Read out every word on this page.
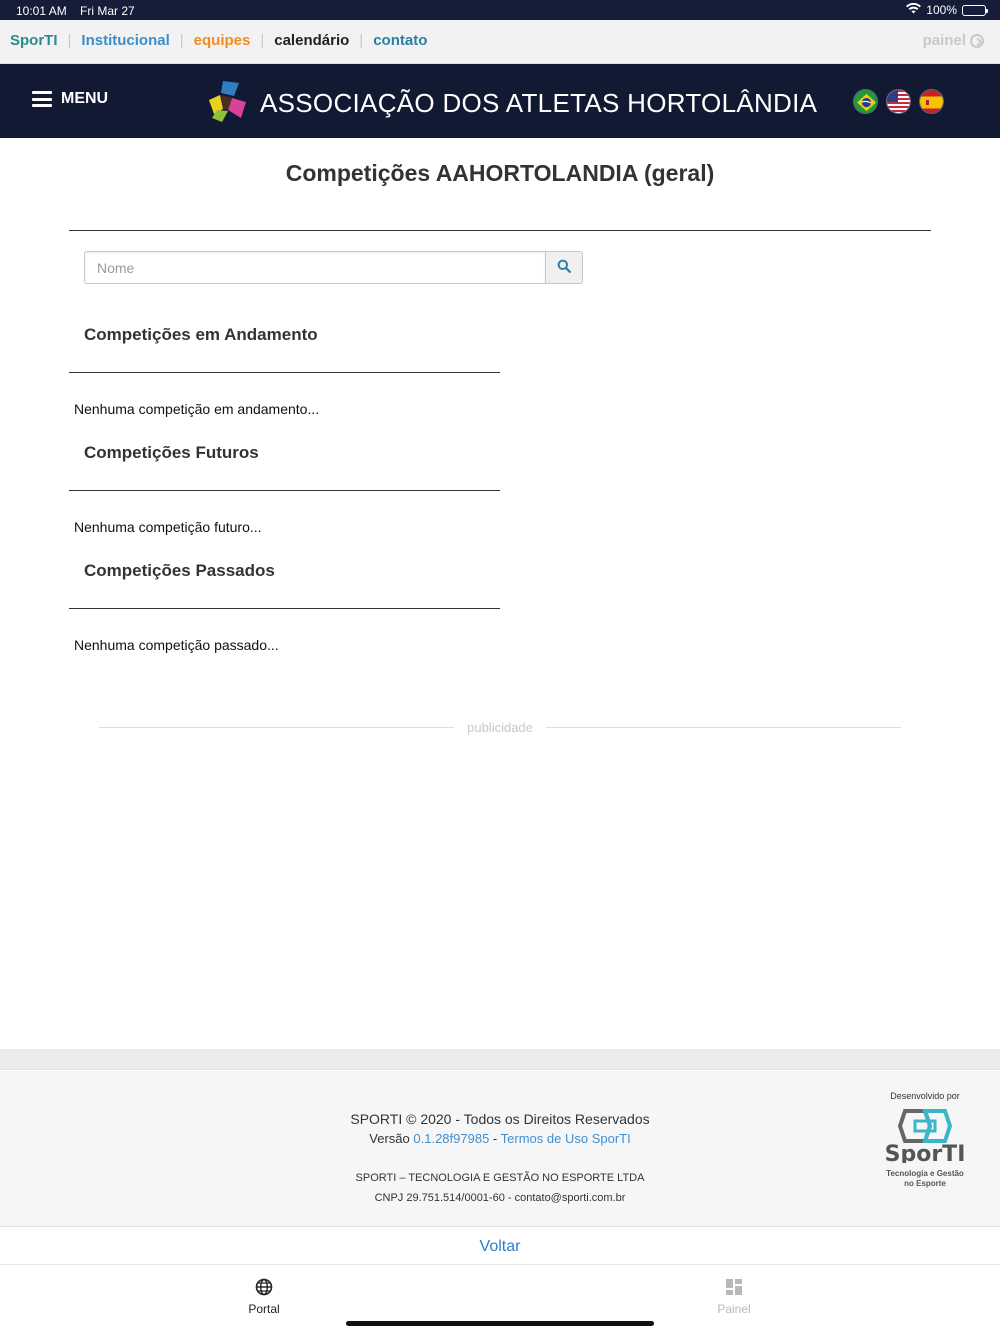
10:01 AM Fri Mar 27	100%
SporTI | Institucional | equipes | calendário | contato	painel
MENU	ASSOCIAÇÃO DOS ATLETAS HORTOLÂNDIA
Competições AAHORTOLANDIA (geral)
Nome
Competições em Andamento

Nenhuma competição em andamento...

Competições Futuros

Nenhuma competição futuro...

Competições Passados

Nenhuma competição passado...

publicidade
SPORTI © 2020 - Todos os Direitos Reservados
Versão 0.1.28f97985 - Termos de Uso SporTI
SPORTI – TECNOLOGIA E GESTÃO NO ESPORTE LTDA
CNPJ 29.751.514/0001-60 - contato@sporti.com.br
Desenvolvido por
SporTI
Tecnologia e Gestão
no Esporte
Voltar
Portal	Painel
